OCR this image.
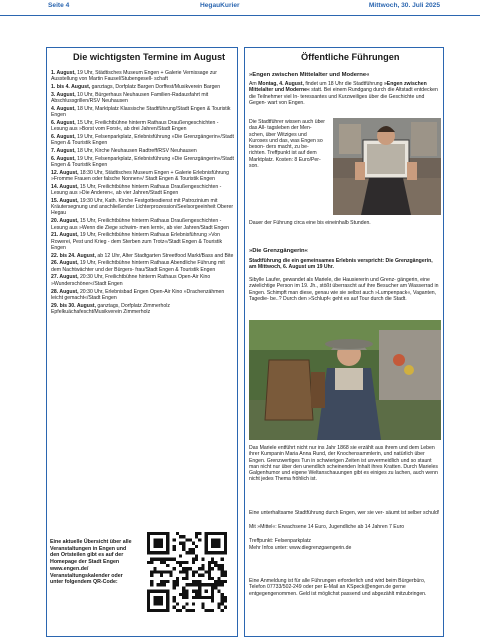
Seite 4	HegauKurier	Mittwoch, 30. Juli 2025
Die wichtigsten Termine im August
1. August, 19 Uhr, Städtisches Museum Engen + Galerie Vernissage zur Ausstellung von Martin Fausel/Stubengesell- schaft
1. bis 4. August, ganztags, Dorfplatz Bargen Dorffest/Musikverein Bargen
3. August, 10 Uhr, Bürgerhaus Neuhausen Familien-Radausfahrt mit Abschlussgrillen/RSV Neuhausen
4. August, 18 Uhr, Marktplatz Klassische Stadtführung/Stadt Engen & Touristik Engen
6. August, 15 Uhr, Freilichtbühne hinterm Rathaus Draußengeschichten - Lesung aus »Borst vom Forst«, ab drei Jahren/Stadt Engen
6. August, 19 Uhr, Felsenparkplatz, Erlebnisführung »Die Grenzgängerin«/Stadt Engen & Touristik Engen
7. August, 18 Uhr, Kirche Neuhausen Radtreff/RSV Neuhausen
6. August, 19 Uhr, Felsenparkplatz, Erlebnisführung »Die Grenzgängerin«/Stadt Engen & Touristik Engen
12. August, 18:30 Uhr, Städtisches Museum Engen + Galerie Erlebnisführung »Fromme Frauen oder falsche Nonnen«/ Stadt Engen & Touristik Engen
14. August, 15 Uhr, Freilichtbühne hinterm Rathaus Draußengeschichten - Lesung aus »Die Anderen«, ab vier Jahren/Stadt Engen
15. August, 19:30 Uhr, Kath. Kirche Festgottesdienst mit Patrozinium mit Kräutersegnung und anschließender Lichterprozession/Seelsorgeeinheit Oberer Hegau
20. August, 15 Uhr, Freilichtbühne hinterm Rathaus Draußengeschichten - Lesung aus »Wenn die Ziege schwim- men lernt«, ab vier Jahren/Stadt Engen
21. August, 19 Uhr, Freilichtbühne hinterm Rathaus Erlebnisführung »Von Rowerei, Pest und Krieg - dem Sterben zum Trotz«/Stadt Engen & Touristik Engen
22. bis 24. August, ab 12 Uhr, Alter Stadtgarten Streetfood Markt/Bass and Bite
26. August, 19 Uhr, Freilichtbühne hinterm Rathaus Abendliche Führung mit dem Nachtwächter und der Bürgers- frau/Stadt Engen & Touristik Engen
27. August, 20:30 Uhr, Freilichtbühne hinterm Rathaus Open-Air Kino »Wunderschöner«/Stadt Engen
28. August, 20:30 Uhr, Erlebnisbad Engen Open-Air Kino »Drachenzähmen leicht gemacht«/Stadt Engen
29. bis 30. August, ganztags, Dorfplatz Zimmerholz Epfelkuächafescht/Musikverein Zimmerholz
Eine aktuelle Übersicht über alle Veranstaltungen in Engen und den Ortsteilen gibt es auf der Homepage der Stadt Engen www.engen.de/ Veranstaltungskalender oder unter folgendem QR-Code:
Öffentliche Führungen
»Engen zwischen Mittelalter und Moderne«
Am Montag, 4. August, findet um 18 Uhr die Stadtführung »Engen zwischen Mittelalter und Moderne« statt. Bei einem Rundgang durch die Altstadt entdecken die Teilnehmer viel In- teressantes und Kurzweiliges über die Geschichte und Gegen- wart von Engen.
Die Stadtführer wissen auch über das All- tagsleben der Men- schen, über Witziges und Kuroses und das, was Engen so beson- ders macht, zu be- richten. Treffpunkt ist auf dem Marktplatz. Kosten: 8 Euro/Per- son.
Dauer der Führung circa eine bis eineinhalb Stunden.
»Die Grenzgängerin«
Stadtführung die ein gemeinsames Erlebnis verspricht: Die Grenzgängerin, am Mittwoch, 6. August um 19 Uhr.
Sibylle Laufer, gewandet als Mariele, die Hausiererin und Grenz- gängerin, eine zwielichtige Person im 19. Jh., stößt überrascht auf ihre Besucher am Wasserrad in Engen. Schimpft man diese, genau wie sie selbst auch »Lumpenpack«, Vaganten, Tagedie- be..? Durch den »Schlupf« geht es auf Tour durch die Stadt.
Das Mariele entführt nicht nur ins Jahr 1868 sie erzählt aus ihrem und dem Leben ihrer Kumpanin Maria Anna Rund, der Knochensammlerin, und natürlich über Engen. Grenzwertiges Tun in schwierigen Zeiten ist unvermeidlich und so staunt man nicht nur über den unendlich scheinenden Inhalt ihres Kratten. Durch Marieles Galgenhumor und eigene Weltanschauungen gibt es einiges zu lachen, auch wenn nicht jedes Thema fröhlich ist.
Eine unterhaltsame Stadtführung durch Engen, wer sie ver- säumt ist selber schuld!
Mit »Mittel«: Erwachsene 14 Euro, Jugendliche ab 14 Jahren 7 Euro
Treffpunkt: Felsenparkplatz
Mehr Infos unter: www.diegrenzgaengerin.de
Eine Anmeldung ist für alle Führungen erforderlich und wird beim Bürgerbüro, Telefon 07733/502-249 oder per E-Mail an KSpeck@engen.de gerne entgegengenommen. Geld ist möglichst passend und abgezählt mitzubringen.
